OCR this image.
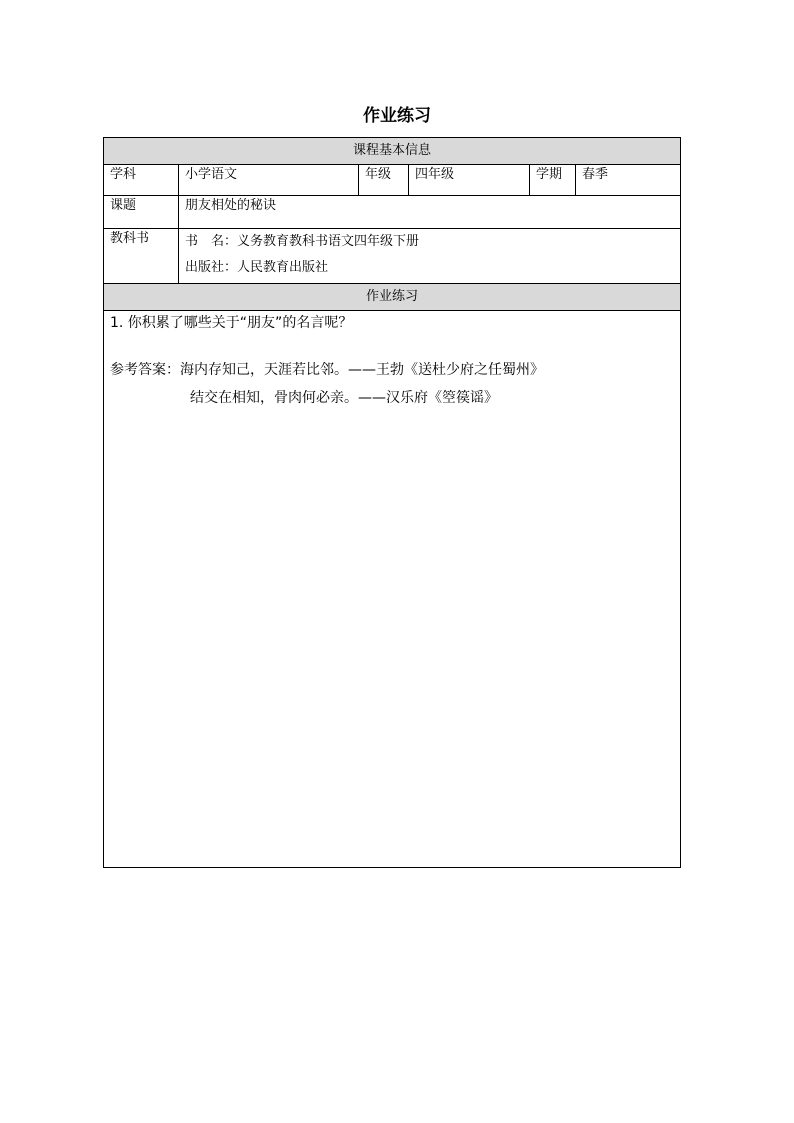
作业练习
课程基本信息					
学科	小学语文	年级	四年级	学期	春季
课题	朋友相处的秘诀				
教科书	书　名：义务教育教科书语文四年级下册
出版社：人民教育出版社				

作业练习					

1. 你积累了哪些关于“朋友”的名言呢？
参考答案：海内存知己，天涯若比邻。——王勃《送杜少府之任蜀州》
结交在相知，骨肉何必亲。——汉乐府《箜篌谣》					
